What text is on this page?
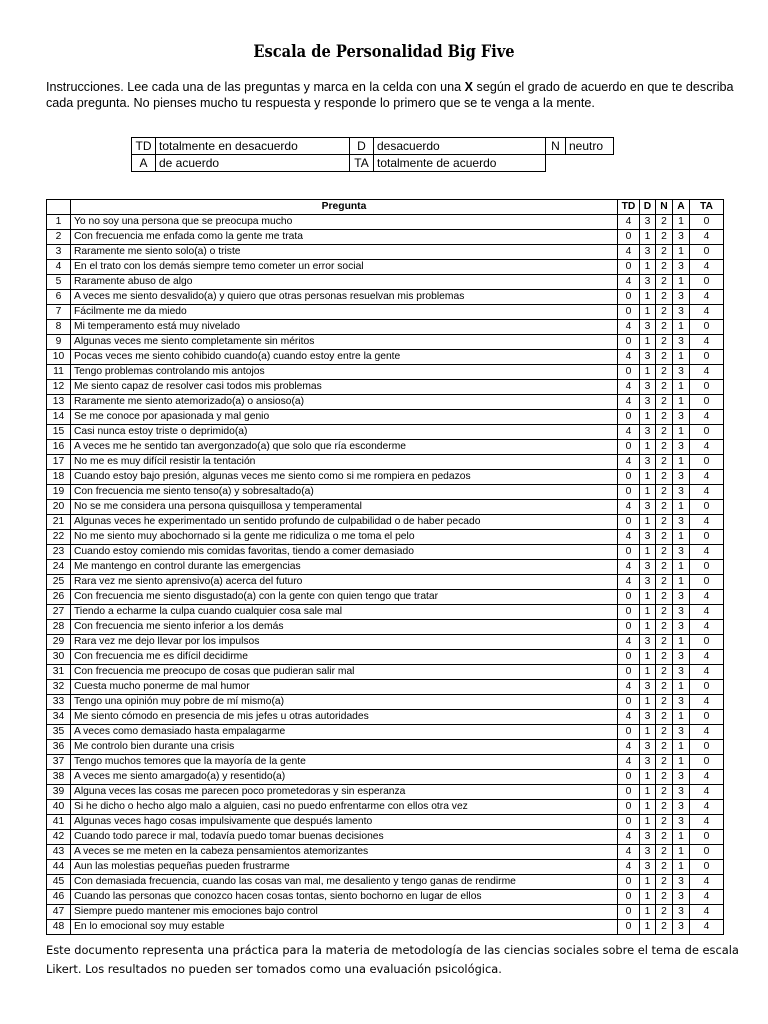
Escala de Personalidad Big Five
Instrucciones. Lee cada una de las preguntas y marca en la celda con una X según el grado de acuerdo en que te describa cada pregunta. No pienses mucho tu respuesta y responde lo primero que se te venga a la mente.
TD	totalmente en desacuerdo	D	desacuerdo	N	neutro
A	de acuerdo	TA	totalmente de acuerdo		
	Pregunta	TD	D	N	A	TA
1	Yo no soy una persona que se preocupa mucho	4	3	2	1	0
2	Con frecuencia me enfada como la gente me trata	0	1	2	3	4
3	Raramente me siento solo(a) o triste	4	3	2	1	0
4	En el trato con los demás siempre temo cometer un error social	0	1	2	3	4
5	Raramente abuso de algo	4	3	2	1	0
6	A veces me siento desvalido(a) y quiero que otras personas resuelvan mis problemas	0	1	2	3	4
7	Fácilmente me da miedo	0	1	2	3	4
8	Mi temperamento está muy nivelado	4	3	2	1	0
9	Algunas veces me siento completamente sin méritos	0	1	2	3	4
10	Pocas veces me siento cohibido cuando(a) cuando estoy entre la gente	4	3	2	1	0
11	Tengo problemas controlando mis antojos	0	1	2	3	4
12	Me siento capaz de resolver casi todos mis problemas	4	3	2	1	0
13	Raramente me siento atemorizado(a) o ansioso(a)	4	3	2	1	0
14	Se me conoce por apasionada y mal genio	0	1	2	3	4
15	Casi nunca estoy triste o deprimido(a)	4	3	2	1	0
16	A veces me he sentido tan avergonzado(a) que solo que ría esconderme	0	1	2	3	4
17	No me es muy difícil resistir la tentación	4	3	2	1	0
18	Cuando estoy bajo presión, algunas veces me siento como si me rompiera en pedazos	0	1	2	3	4
19	Con frecuencia me siento tenso(a) y sobresaltado(a)	0	1	2	3	4
20	No se me considera una persona quisquillosa y temperamental	4	3	2	1	0
21	Algunas veces he experimentado un sentido profundo de culpabilidad o de haber pecado	0	1	2	3	4
22	No me siento muy abochornado si la gente me ridiculiza o me toma el pelo	4	3	2	1	0
23	Cuando estoy comiendo mis comidas favoritas, tiendo a comer demasiado	0	1	2	3	4
24	Me mantengo en control durante las emergencias	4	3	2	1	0
25	Rara vez me siento aprensivo(a) acerca del futuro	4	3	2	1	0
26	Con frecuencia me siento disgustado(a) con la gente con quien tengo que tratar	0	1	2	3	4
27	Tiendo a echarme la culpa cuando cualquier cosa sale mal	0	1	2	3	4
28	Con frecuencia me siento inferior a los demás	0	1	2	3	4
29	Rara vez me dejo llevar por los impulsos	4	3	2	1	0
30	Con frecuencia me es difícil decidirme	0	1	2	3	4
31	Con frecuencia me preocupo de cosas que pudieran salir mal	0	1	2	3	4
32	Cuesta mucho ponerme de mal humor	4	3	2	1	0
33	Tengo una opinión muy pobre de mí mismo(a)	0	1	2	3	4
34	Me siento cómodo en presencia de mis jefes u otras autoridades	4	3	2	1	0
35	A veces como demasiado hasta empalagarme	0	1	2	3	4
36	Me controlo bien durante una crisis	4	3	2	1	0
37	Tengo muchos temores que la mayoría de la gente	4	3	2	1	0
38	A veces me siento amargado(a) y resentido(a)	0	1	2	3	4
39	Alguna veces las cosas me parecen poco prometedoras y sin esperanza	0	1	2	3	4
40	Si he dicho o hecho algo malo a alguien, casi no puedo enfrentarme con ellos otra vez	0	1	2	3	4
41	Algunas veces hago cosas impulsivamente que después lamento	0	1	2	3	4
42	Cuando todo parece ir mal, todavía puedo tomar buenas decisiones	4	3	2	1	0
43	A veces se me meten en la cabeza pensamientos atemorizantes	4	3	2	1	0
44	Aun las molestias pequeñas pueden frustrarme	4	3	2	1	0
45	Con demasiada frecuencia, cuando las cosas van mal, me desaliento y tengo ganas de rendirme	0	1	2	3	4
46	Cuando las personas que conozco hacen cosas tontas, siento bochorno en lugar de ellos	0	1	2	3	4
47	Siempre puedo mantener mis emociones bajo control	0	1	2	3	4
48	En lo emocional soy muy estable	0	1	2	3	4
Este documento representa una práctica para la materia de metodología de las ciencias sociales sobre el tema de escala Likert. Los resultados no pueden ser tomados como una evaluación psicológica.
